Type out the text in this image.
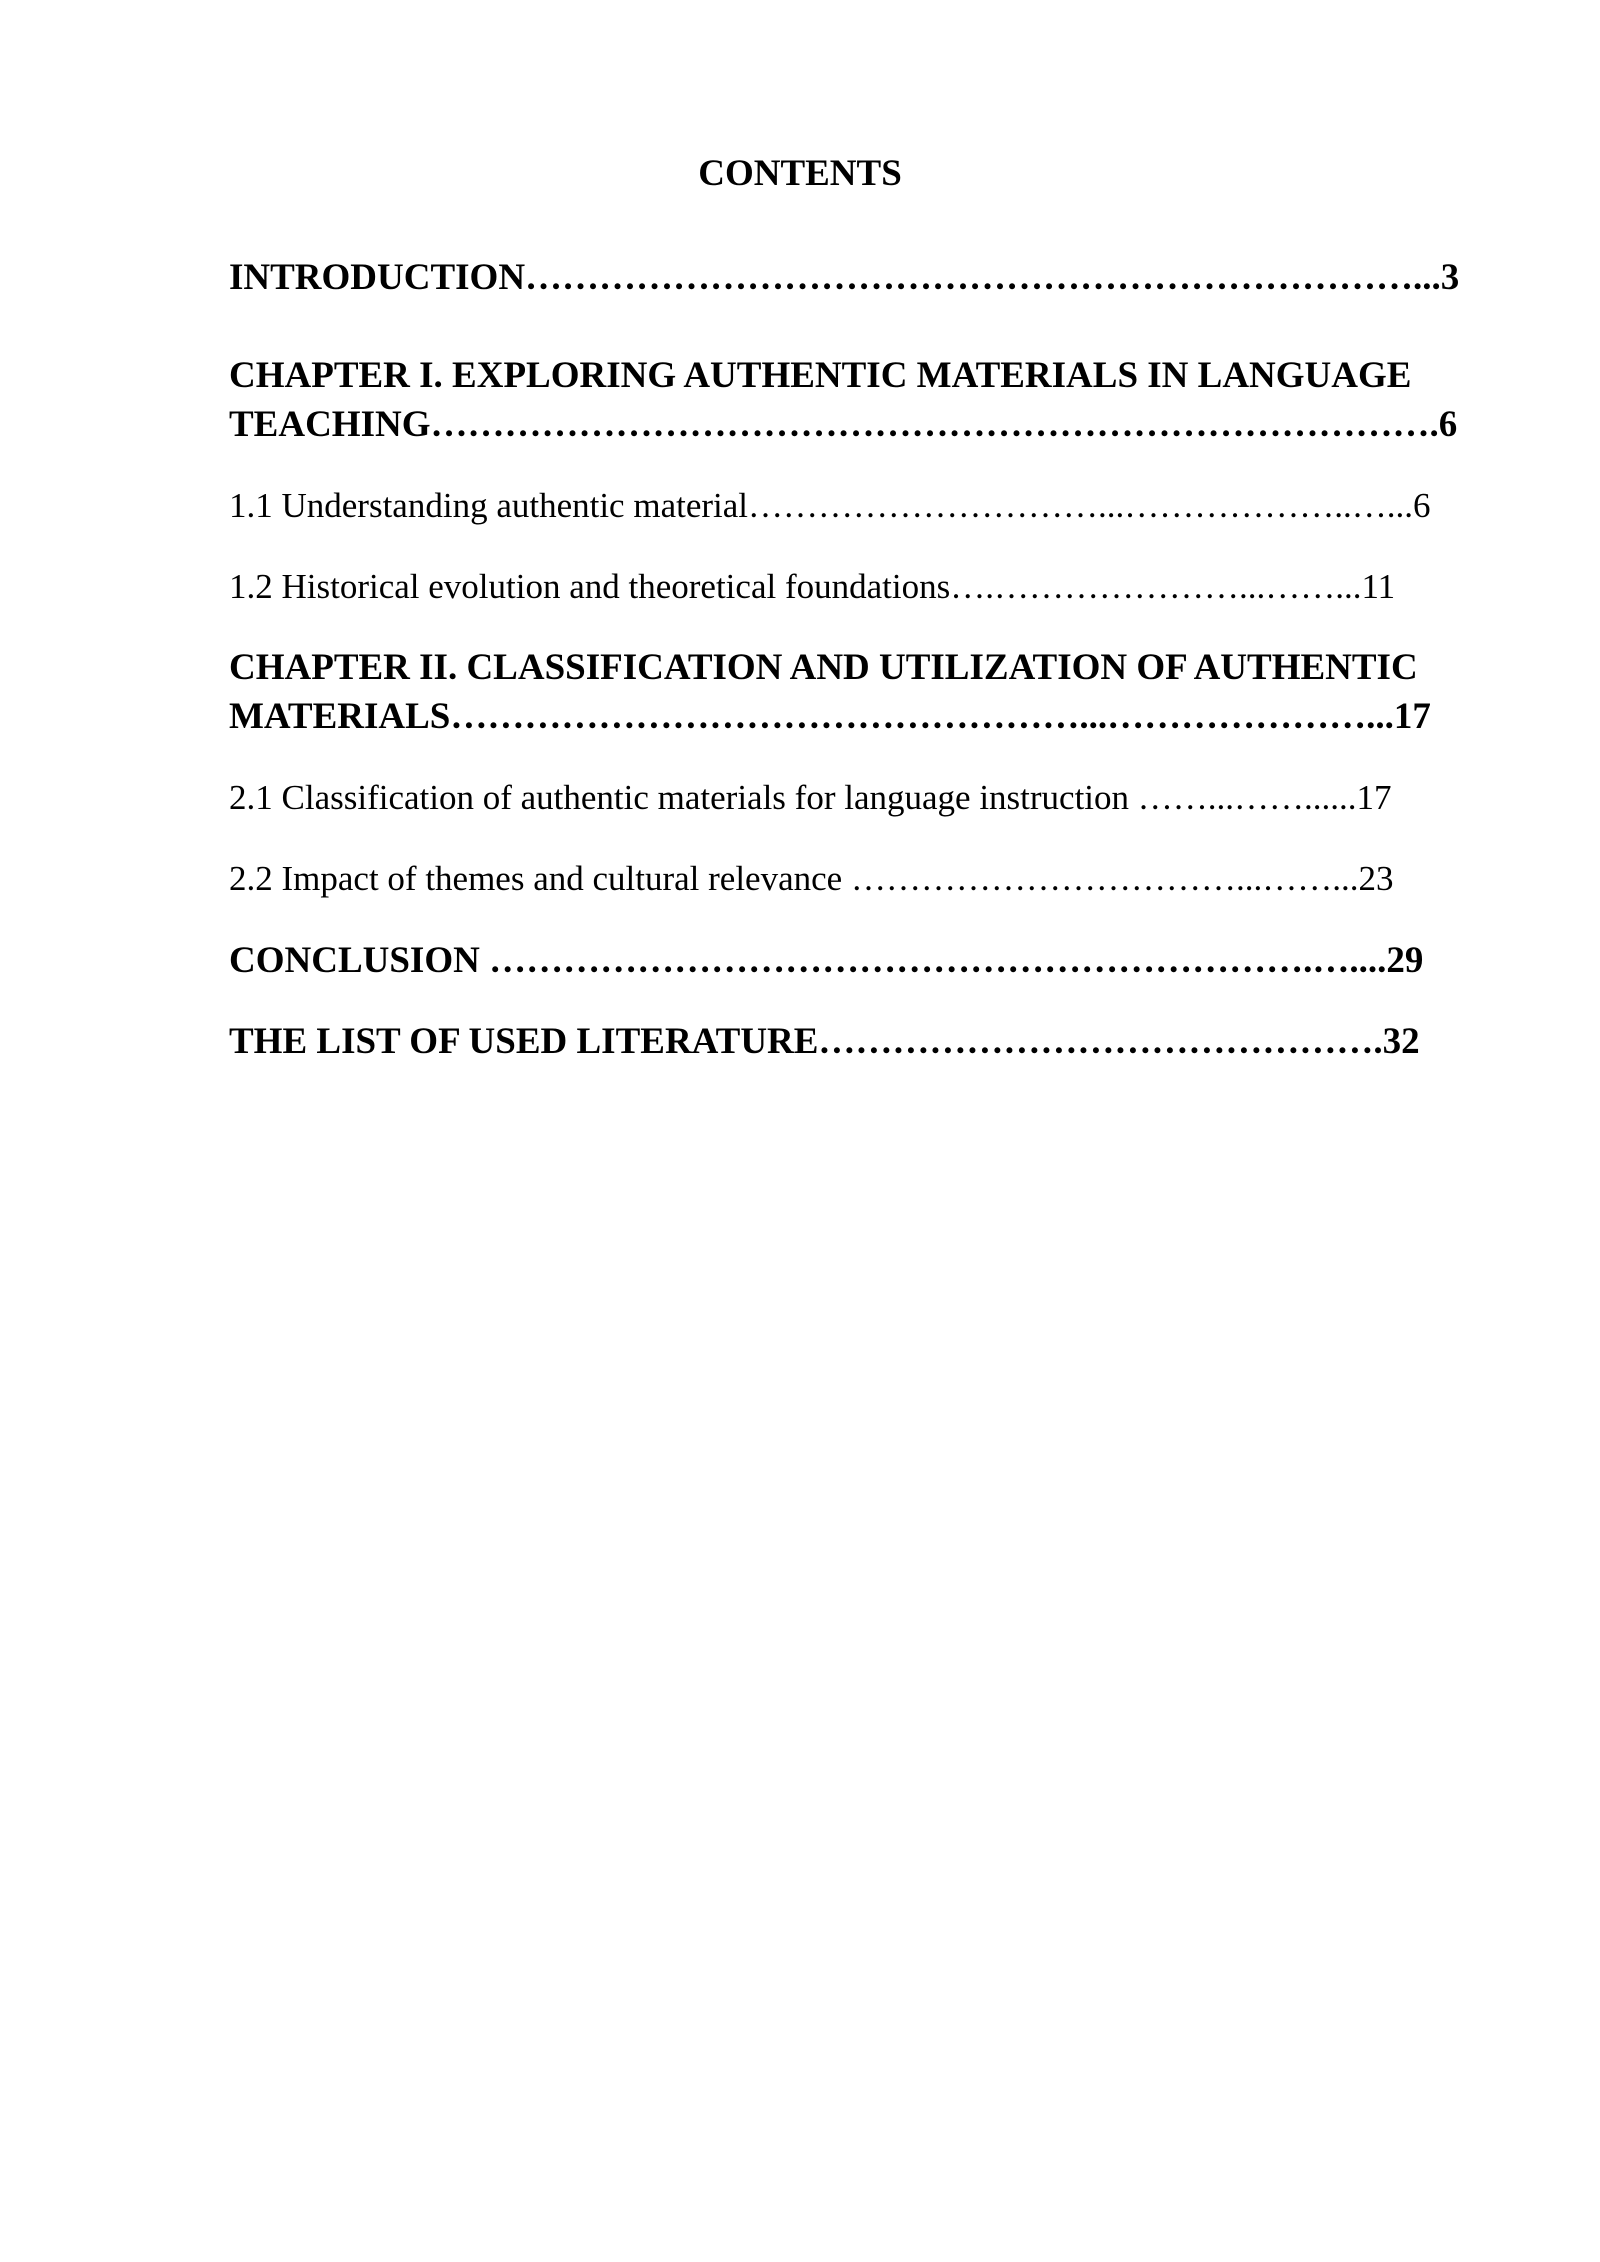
CONTENTS
INTRODUCTION………………………………………………………………...3
CHAPTER I. EXPLORING AUTHENTIC MATERIALS IN LANGUAGE
TEACHING……………………………………………………………………….6
1.1 Understanding authentic material…………………………...………………..…...6
1.2 Historical evolution and theoretical foundations….…………………...……...11
CHAPTER II. CLASSIFICATION AND UTILIZATION OF AUTHENTIC
MATERIALS……………………………………………...…………………...17
2.1 Classification of authentic materials for language instruction ……...……......17
2.2 Impact of themes and cultural relevance ……………………………...……...23
CONCLUSION ………………………………………………………….…....29
THE LIST OF USED LITERATURE……………………………………….32
